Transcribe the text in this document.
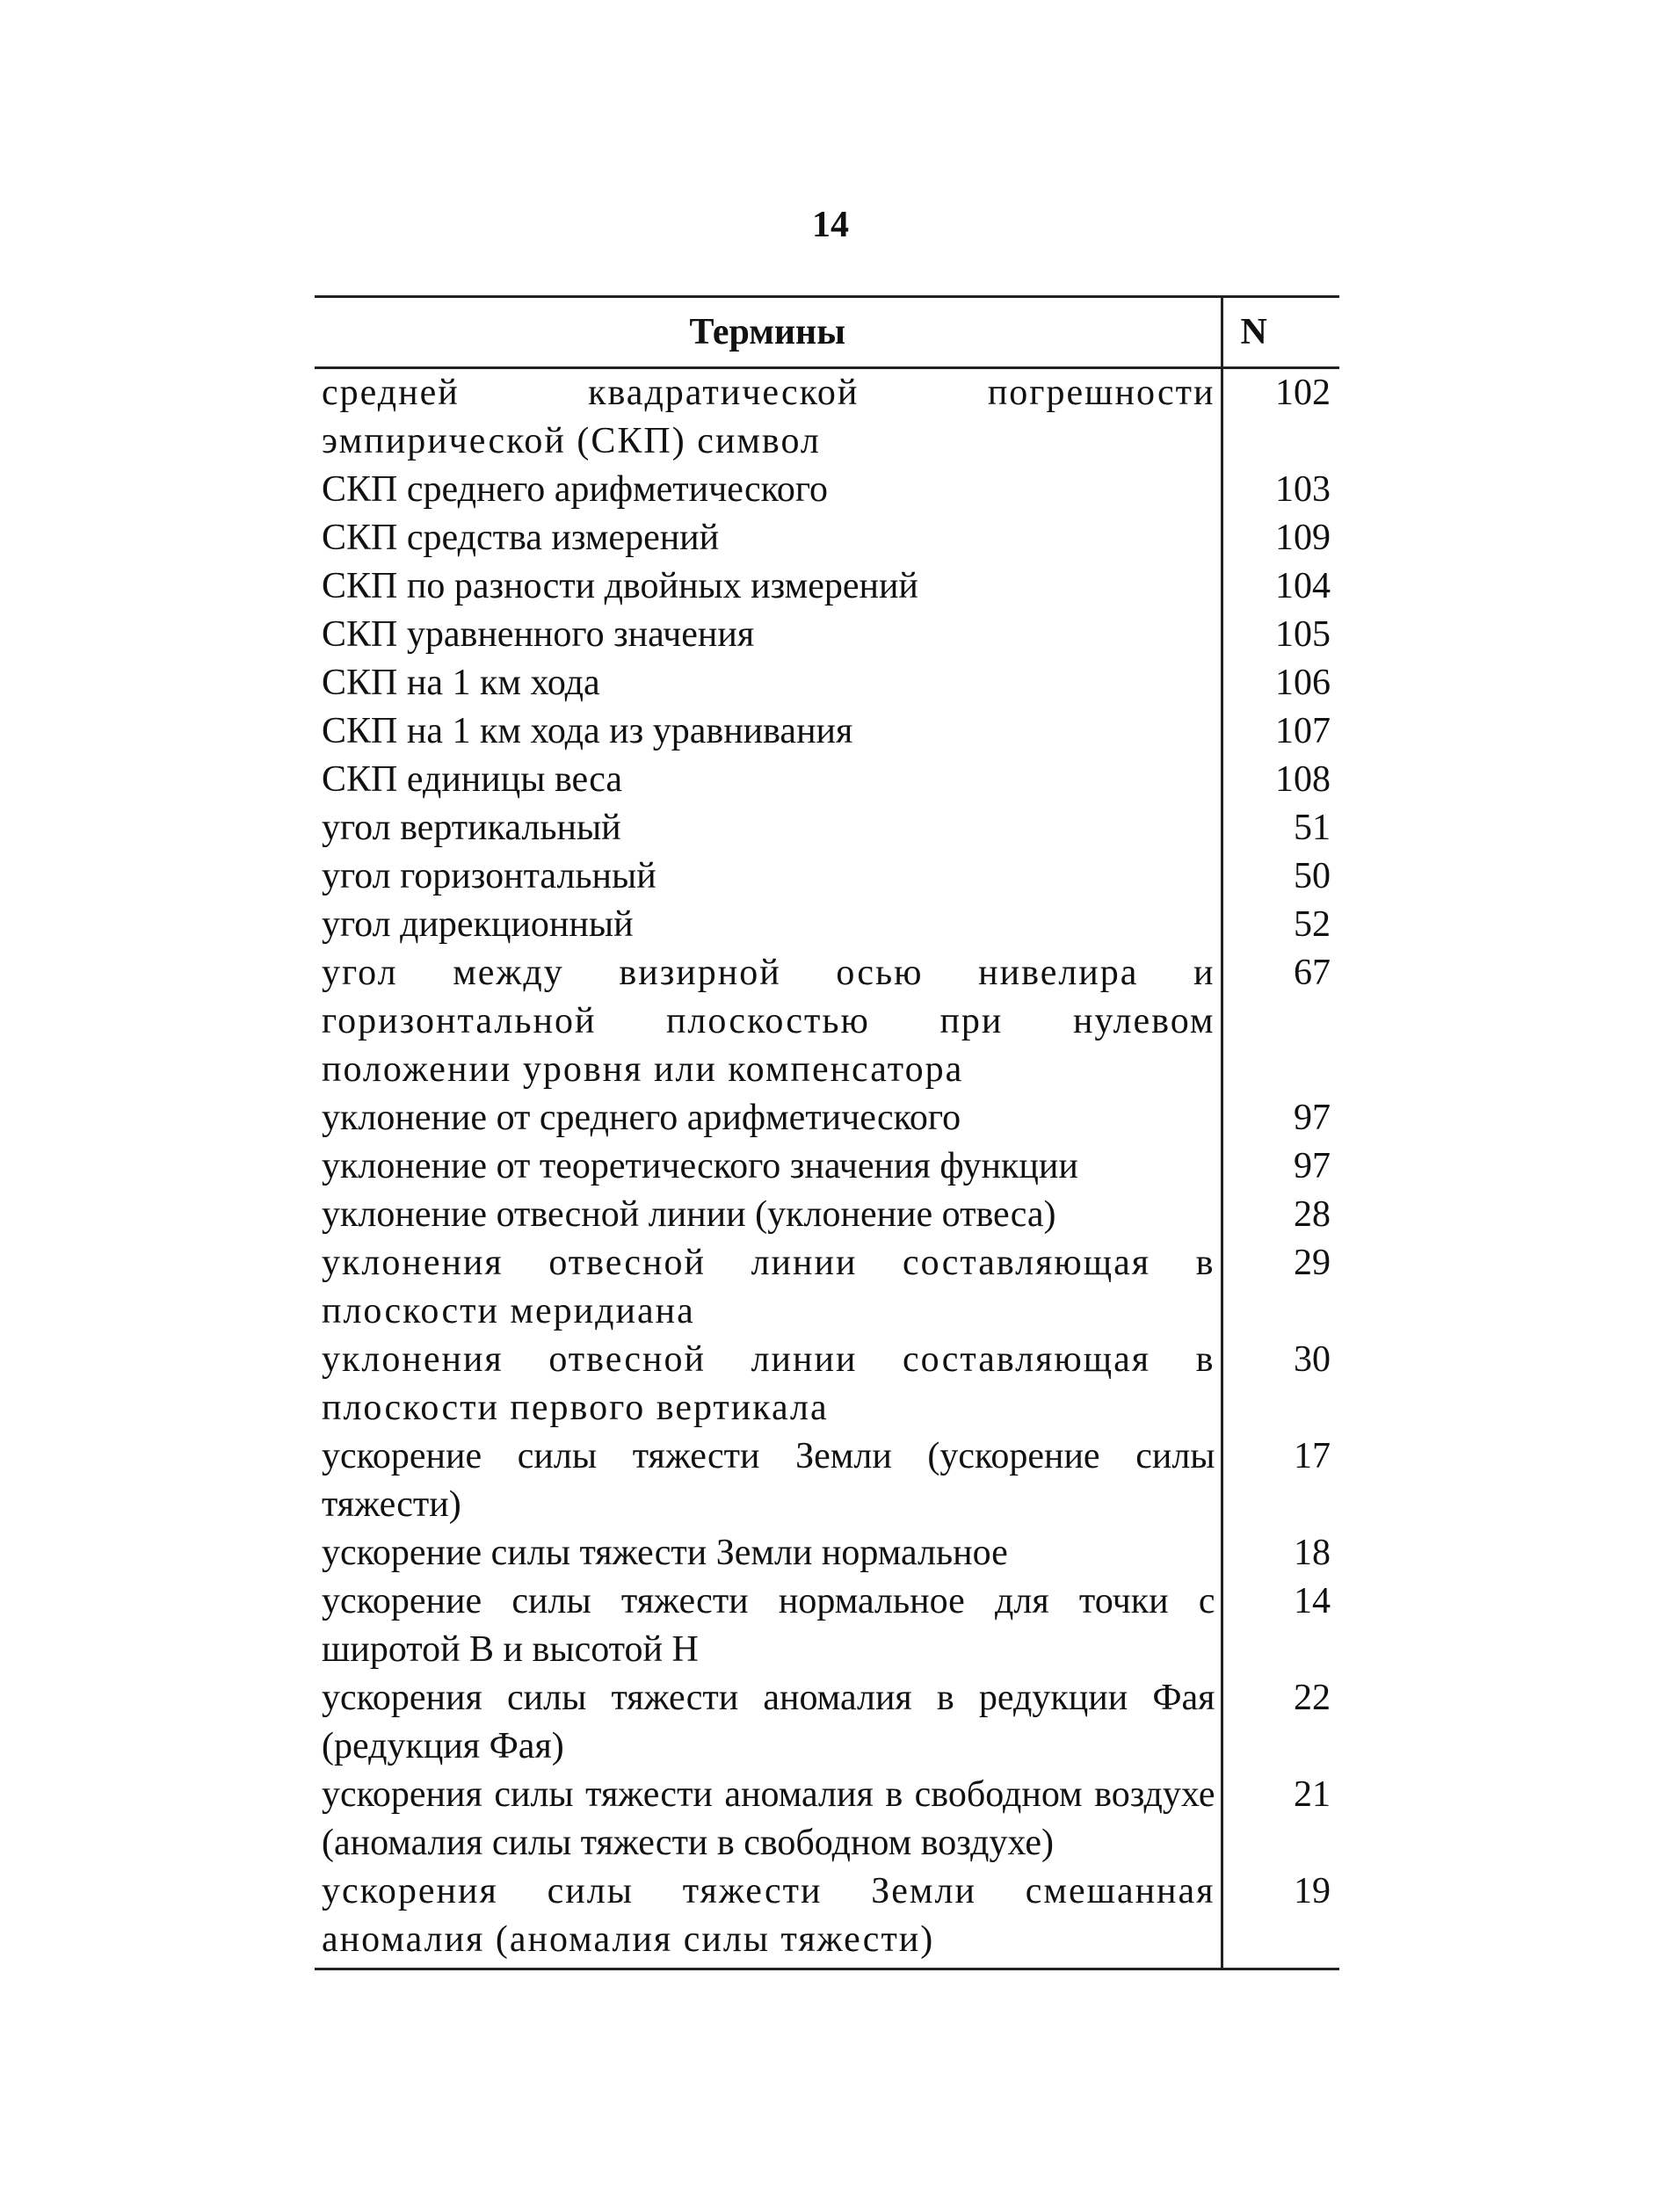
14
Термины	N
средней квадратической погрешности эмпирической (СКП) символ	102
СКП среднего арифметического	103
СКП средства измерений	109
СКП по разности двойных измерений	104
СКП уравненного значения	105
СКП на 1 км хода	106
СКП на 1 км хода из уравнивания	107
СКП единицы веса	108
угол вертикальный	51
угол горизонтальный	50
угол дирекционный	52
угол между визирной осью нивелира и горизонтальной плоскостью при нулевом положении уровня или компенсатора	67
уклонение от среднего арифметического	97
уклонение от теоретического значения функции	97
уклонение отвесной линии (уклонение отвеса)	28
уклонения отвесной линии составляющая в плоскости меридиана	29
уклонения отвесной линии составляющая в плоскости первого вертикала	30
ускорение силы тяжести Земли (ускорение силы тяжести)	17
ускорение силы тяжести Земли нормальное	18
ускорение силы тяжести нормальное для точки с широтой В и высотой Н	14
ускорения силы тяжести аномалия в редукции Фая (редукция Фая)	22
ускорения силы тяжести аномалия в свободном воздухе (аномалия силы тяжести в свободном воздухе)	21
ускорения силы тяжести Земли смешанная аномалия (аномалия силы тяжести)	19
